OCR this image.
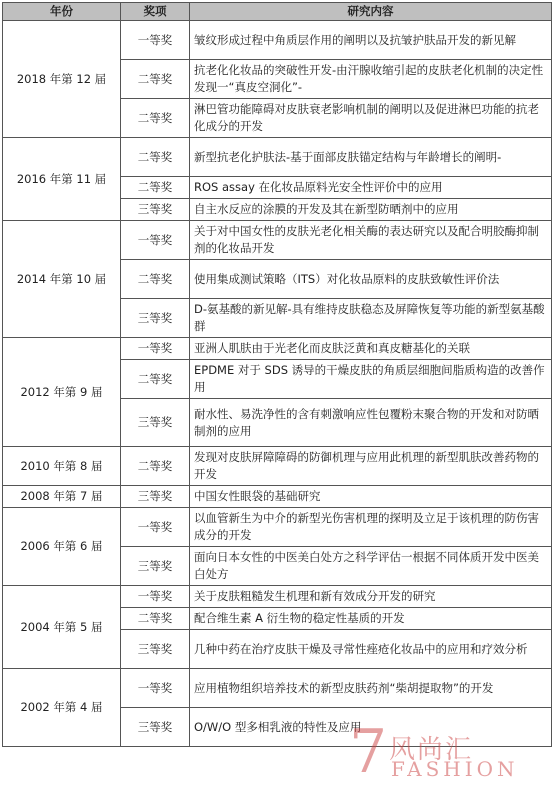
年份	奖项	研究内容
2018 年第 12 届	一等奖	皱纹形成过程中角质层作用的阐明以及抗皱护肤品开发的新见解
	二等奖	抗老化化妆品的突破性开发-由汗腺收缩引起的皮肤老化机制的决定性发现一“真皮空洞化”-
	二等奖	淋巴管功能障碍对皮肤衰老影响机制的阐明以及促进淋巴功能的抗老化成分的开发
2016 年第 11 届	二等奖	新型抗老化护肤法-基于面部皮肤锚定结构与年龄增长的阐明-
	二等奖	ROS assay 在化妆品原料光安全性评价中的应用
	三等奖	自主水反应的涂膜的开发及其在新型防晒剂中的应用
2014 年第 10 届	一等奖	关于对中国女性的皮肤光老化相关酶的表达研究以及配合明胶酶抑制剂的化妆品开发
	二等奖	使用集成测试策略（ITS）对化妆品原料的皮肤致敏性评价法
	三等奖	D-氨基酸的新见解-具有维持皮肤稳态及屏障恢复等功能的新型氨基酸群
2012 年第 9 届	一等奖	亚洲人肌肤由于光老化而皮肤泛黄和真皮糖基化的关联
	二等奖	EPDME 对于 SDS 诱导的干燥皮肤的角质层细胞间脂质构造的改善作用
	三等奖	耐水性、易洗净性的含有刺激响应性包覆粉末聚合物的开发和对防晒制剂的应用
2010 年第 8 届	二等奖	发现对皮肤屏障障碍的防御机理与应用此机理的新型肌肤改善药物的开发
2008 年第 7 届	三等奖	中国女性眼袋的基础研究
2006 年第 6 届	一等奖	以血管新生为中介的新型光伤害机理的探明及立足于该机理的防伤害成分的开发
	三等奖	面向日本女性的中医美白处方之科学评估一根据不同体质开发中医美白处方
2004 年第 5 届	一等奖	关于皮肤粗糙发生机理和新有效成分开发的研究
	二等奖	配合维生素 A 衍生物的稳定性基质的开发
	三等奖	几种中药在治疗皮肤干燥及寻常性痤疮化妆品中的应用和疗效分析
2002 年第 4 届	一等奖	应用植物组织培养技术的新型皮肤药剂“柴胡提取物”的开发
	三等奖	O/W/O 型多相乳液的特性及应用
7 风尚汇
FASHION
